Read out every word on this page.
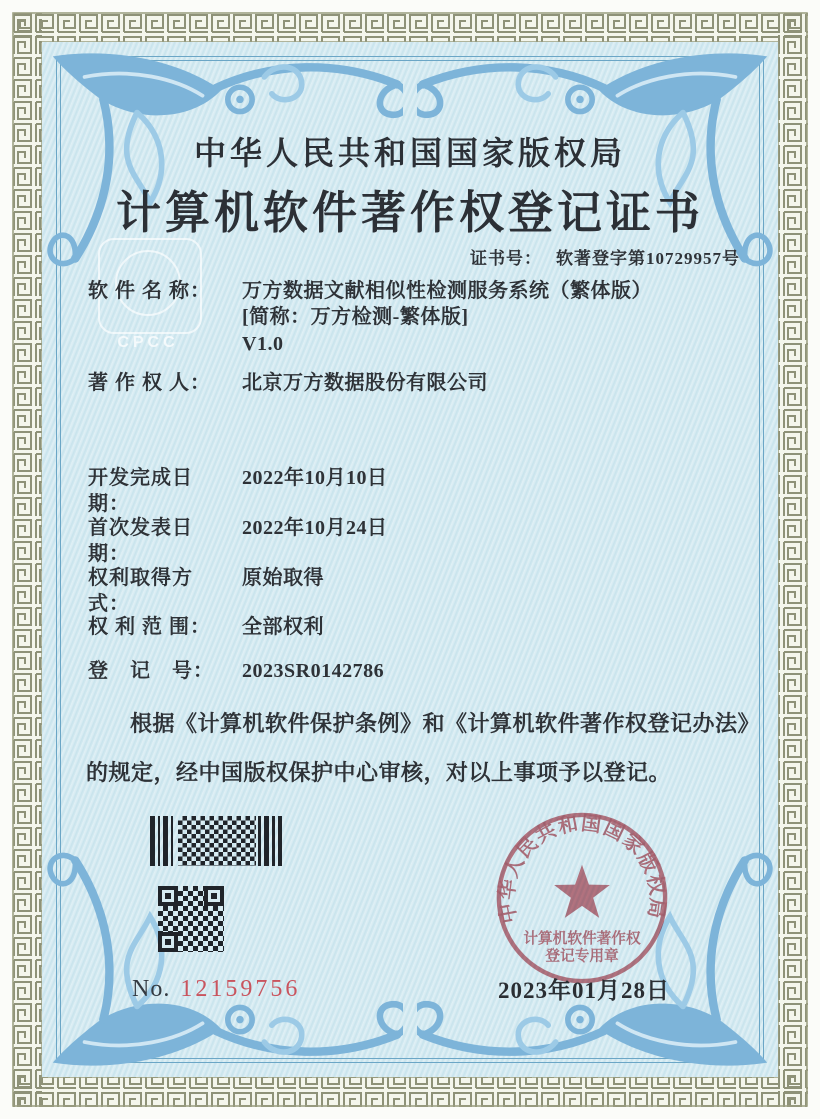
CPCC
中华人民共和国国家版权局
计算机软件著作权登记证书
证书号： 软著登字第10729957号
软 件 名 称：	万方数据文献相似性检测服务系统（繁体版）
[简称：万方检测-繁体版]
V1.0
著 作 权 人：	北京万方数据股份有限公司
开发完成日期：
2022年10月10日
首次发表日期：
2022年10月24日
权利取得方式：
原始取得
权 利 范 围：	全部权利
登　记　号：	2023SR0142786
根据《计算机软件保护条例》和《计算机软件著作权登记办法》的规定，经中国版权保护中心审核，对以上事项予以登记。
No. 12159756
中华人民共和国国家版权局
计算机软件著作权
登记专用章
2023年01月28日
